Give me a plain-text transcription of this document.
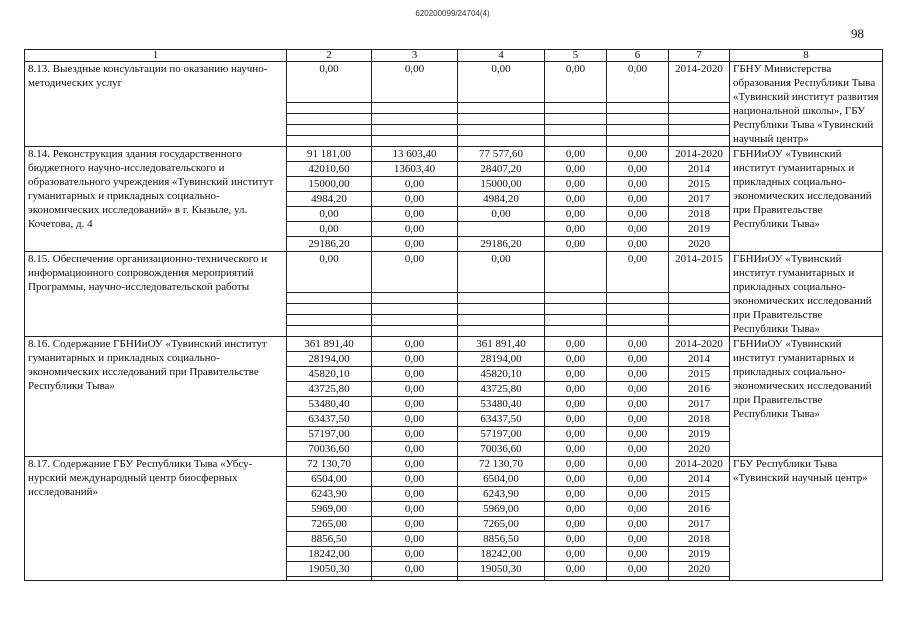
620200099/24704(4)
98
1	2	3	4	5	6	7	8
8.13. Выездные консультации по оказанию научно-методических услуг	0,00	0,00	0,00	0,00	0,00	2014-2020	ГБНУ Министерства образования Республики Тыва «Тувинский институт развития национальной школы», ГБУ Республики Тыва «Тувинский научный центр»

8.14. Реконструкция здания государственного бюджетного научно-исследовательского и образовательного учреждения «Тувинский институт гуманитарных и прикладных социально-экономических исследований» в г. Кызыле, ул. Кочетова, д. 4	91 181,00	13 603,40	77 577,60	0,00	0,00	2014-2020	ГБНИиОУ «Тувинский институт гуманитарных и прикладных социально-экономических исследований при Правительстве Республики Тыва»
	42010,60	13603,40	28407,20	0,00	0,00	2014	
	15000,00	0,00	15000,00	0,00	0,00	2015	
	4984,20	0,00	4984,20	0,00	0,00	2017	
	0,00	0,00	0,00	0,00	0,00	2018	
	0,00	0,00		0,00	0,00	2019	
	29186,20	0,00	29186,20	0,00	0,00	2020	
8.15. Обеспечение организационно-технического и информационного сопровождения мероприятий Программы, научно-исследовательской работы	0,00	0,00	0,00		0,00	2014-2015	ГБНИиОУ «Тувинский институт гуманитарных и прикладных социально-экономических исследований при Правительстве Республики Тыва»

8.16. Содержание ГБНИиОУ «Тувинский институт гуманитарных и прикладных социально-экономических исследований при Правительстве Республики Тыва»	361 891,40	0,00	361 891,40	0,00	0,00	2014-2020	ГБНИиОУ «Тувинский институт гуманитарных и прикладных социально-экономических исследований при Правительстве Республики Тыва»
	28194,00	0,00	28194,00	0,00	0,00	2014	
	45820,10	0,00	45820,10	0,00	0,00	2015	
	43725,80	0,00	43725,80	0,00	0,00	2016	
	53480,40	0,00	53480,40	0,00	0,00	2017	
	63437,50	0,00	63437,50	0,00	0,00	2018	
	57197,00	0,00	57197,00	0,00	0,00	2019	
	70036,60	0,00	70036,60	0,00	0,00	2020	
8.17. Содержание ГБУ Республики Тыва «Убсу-нурский международный центр биосферных исследований»	72 130,70	0,00	72 130,70	0,00	0,00	2014-2020	ГБУ Республики Тыва «Тувинский научный центр»
	6504,00	0,00	6504,00	0,00	0,00	2014	
	6243,90	0,00	6243,90	0,00	0,00	2015	
	5969,00	0,00	5969,00	0,00	0,00	2016	
	7265,00	0,00	7265,00	0,00	0,00	2017	
	8856,50	0,00	8856,50	0,00	0,00	2018	
	18242,00	0,00	18242,00	0,00	0,00	2019	
	19050,30	0,00	19050,30	0,00	0,00	2020	
